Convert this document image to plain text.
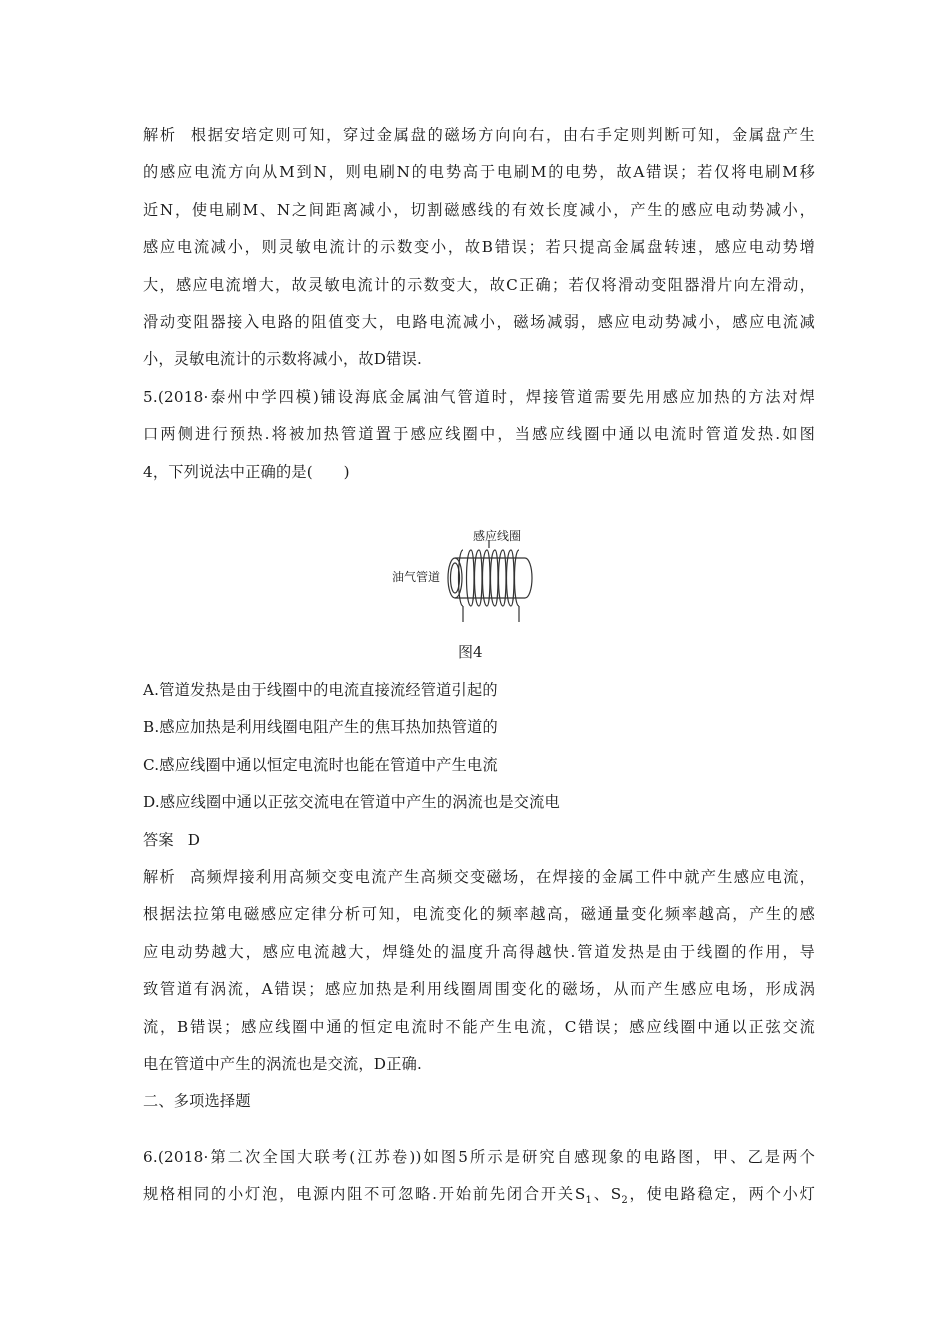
解析 根据安培定则可知，穿过金属盘的磁场方向向右，由右手定则判断可知，金属盘产生
的感应电流方向从M到N，则电刷N的电势高于电刷M的电势，故A错误；若仅将电刷M移
近N，使电刷M、N之间距离减小，切割磁感线的有效长度减小，产生的感应电动势减小，
感应电流减小，则灵敏电流计的示数变小，故B错误；若只提高金属盘转速，感应电动势增
大，感应电流增大，故灵敏电流计的示数变大，故C正确；若仅将滑动变阻器滑片向左滑动，
滑动变阻器接入电路的阻值变大，电路电流减小，磁场减弱，感应电动势减小，感应电流减
小，灵敏电流计的示数将减小，故D错误.
5.(2018·泰州中学四模)铺设海底金属油气管道时，焊接管道需要先用感应加热的方法对焊
口两侧进行预热.将被加热管道置于感应线圈中，当感应线圈中通以电流时管道发热.如图
4，下列说法中正确的是(　　)
感应线圈
油气管道
图4
A.管道发热是由于线圈中的电流直接流经管道引起的
B.感应加热是利用线圈电阻产生的焦耳热加热管道的
C.感应线圈中通以恒定电流时也能在管道中产生电流
D.感应线圈中通以正弦交流电在管道中产生的涡流也是交流电
答案 D
解析 高频焊接利用高频交变电流产生高频交变磁场，在焊接的金属工件中就产生感应电流，
根据法拉第电磁感应定律分析可知，电流变化的频率越高，磁通量变化频率越高，产生的感
应电动势越大，感应电流越大，焊缝处的温度升高得越快.管道发热是由于线圈的作用，导
致管道有涡流，A错误；感应加热是利用线圈周围变化的磁场，从而产生感应电场，形成涡
流，B错误；感应线圈中通的恒定电流时不能产生电流，C错误；感应线圈中通以正弦交流
电在管道中产生的涡流也是交流，D正确.
二、多项选择题
6.(2018·第二次全国大联考(江苏卷))如图5所示是研究自感现象的电路图，甲、乙是两个
规格相同的小灯泡，电源内阻不可忽略.开始前先闭合开关$S_1$、$S_2$，使电路稳定，两个小灯
